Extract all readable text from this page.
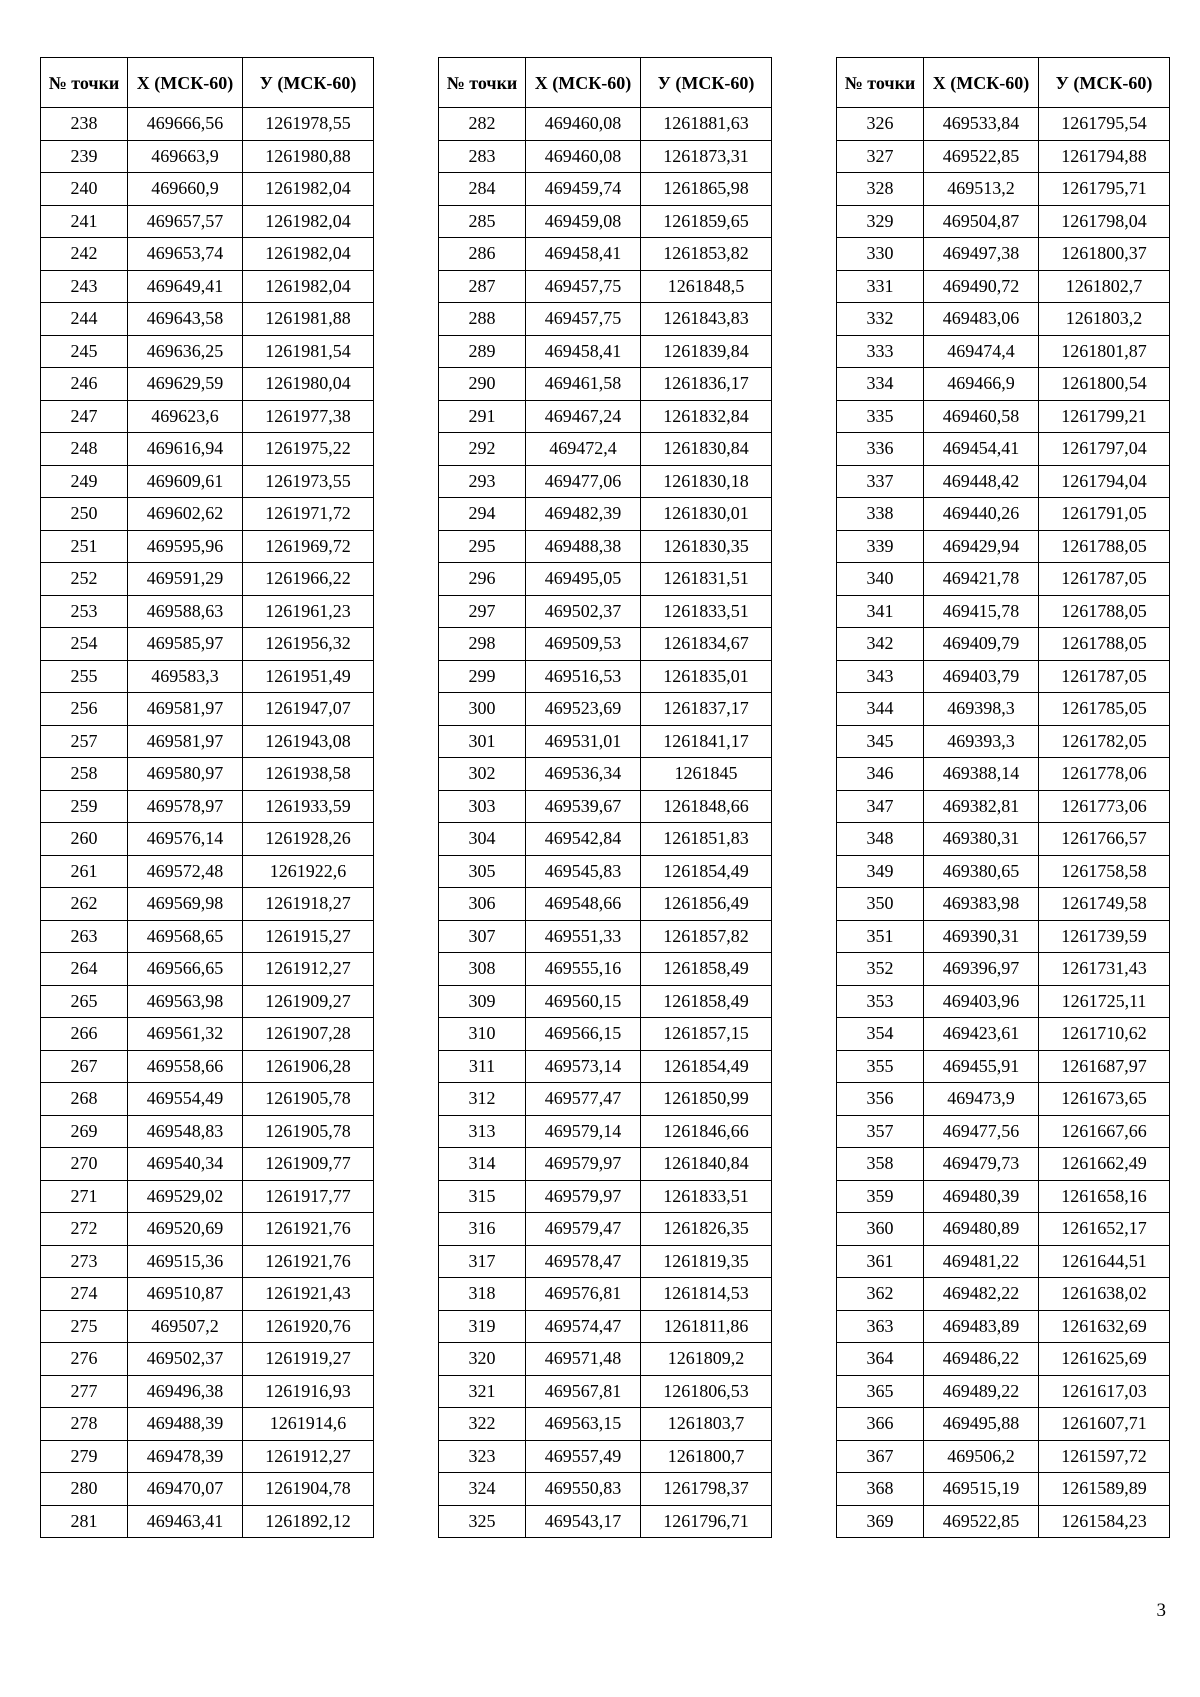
№ точки	X (МСК-60)	У (МСК-60)
238	469666,56	1261978,55
239	469663,9	1261980,88
240	469660,9	1261982,04
241	469657,57	1261982,04
242	469653,74	1261982,04
243	469649,41	1261982,04
244	469643,58	1261981,88
245	469636,25	1261981,54
246	469629,59	1261980,04
247	469623,6	1261977,38
248	469616,94	1261975,22
249	469609,61	1261973,55
250	469602,62	1261971,72
251	469595,96	1261969,72
252	469591,29	1261966,22
253	469588,63	1261961,23
254	469585,97	1261956,32
255	469583,3	1261951,49
256	469581,97	1261947,07
257	469581,97	1261943,08
258	469580,97	1261938,58
259	469578,97	1261933,59
260	469576,14	1261928,26
261	469572,48	1261922,6
262	469569,98	1261918,27
263	469568,65	1261915,27
264	469566,65	1261912,27
265	469563,98	1261909,27
266	469561,32	1261907,28
267	469558,66	1261906,28
268	469554,49	1261905,78
269	469548,83	1261905,78
270	469540,34	1261909,77
271	469529,02	1261917,77
272	469520,69	1261921,76
273	469515,36	1261921,76
274	469510,87	1261921,43
275	469507,2	1261920,76
276	469502,37	1261919,27
277	469496,38	1261916,93
278	469488,39	1261914,6
279	469478,39	1261912,27
280	469470,07	1261904,78
281	469463,41	1261892,12
№ точки	X (МСК-60)	У (МСК-60)
282	469460,08	1261881,63
283	469460,08	1261873,31
284	469459,74	1261865,98
285	469459,08	1261859,65
286	469458,41	1261853,82
287	469457,75	1261848,5
288	469457,75	1261843,83
289	469458,41	1261839,84
290	469461,58	1261836,17
291	469467,24	1261832,84
292	469472,4	1261830,84
293	469477,06	1261830,18
294	469482,39	1261830,01
295	469488,38	1261830,35
296	469495,05	1261831,51
297	469502,37	1261833,51
298	469509,53	1261834,67
299	469516,53	1261835,01
300	469523,69	1261837,17
301	469531,01	1261841,17
302	469536,34	1261845
303	469539,67	1261848,66
304	469542,84	1261851,83
305	469545,83	1261854,49
306	469548,66	1261856,49
307	469551,33	1261857,82
308	469555,16	1261858,49
309	469560,15	1261858,49
310	469566,15	1261857,15
311	469573,14	1261854,49
312	469577,47	1261850,99
313	469579,14	1261846,66
314	469579,97	1261840,84
315	469579,97	1261833,51
316	469579,47	1261826,35
317	469578,47	1261819,35
318	469576,81	1261814,53
319	469574,47	1261811,86
320	469571,48	1261809,2
321	469567,81	1261806,53
322	469563,15	1261803,7
323	469557,49	1261800,7
324	469550,83	1261798,37
325	469543,17	1261796,71
№ точки	X (МСК-60)	У (МСК-60)
326	469533,84	1261795,54
327	469522,85	1261794,88
328	469513,2	1261795,71
329	469504,87	1261798,04
330	469497,38	1261800,37
331	469490,72	1261802,7
332	469483,06	1261803,2
333	469474,4	1261801,87
334	469466,9	1261800,54
335	469460,58	1261799,21
336	469454,41	1261797,04
337	469448,42	1261794,04
338	469440,26	1261791,05
339	469429,94	1261788,05
340	469421,78	1261787,05
341	469415,78	1261788,05
342	469409,79	1261788,05
343	469403,79	1261787,05
344	469398,3	1261785,05
345	469393,3	1261782,05
346	469388,14	1261778,06
347	469382,81	1261773,06
348	469380,31	1261766,57
349	469380,65	1261758,58
350	469383,98	1261749,58
351	469390,31	1261739,59
352	469396,97	1261731,43
353	469403,96	1261725,11
354	469423,61	1261710,62
355	469455,91	1261687,97
356	469473,9	1261673,65
357	469477,56	1261667,66
358	469479,73	1261662,49
359	469480,39	1261658,16
360	469480,89	1261652,17
361	469481,22	1261644,51
362	469482,22	1261638,02
363	469483,89	1261632,69
364	469486,22	1261625,69
365	469489,22	1261617,03
366	469495,88	1261607,71
367	469506,2	1261597,72
368	469515,19	1261589,89
369	469522,85	1261584,23
3
